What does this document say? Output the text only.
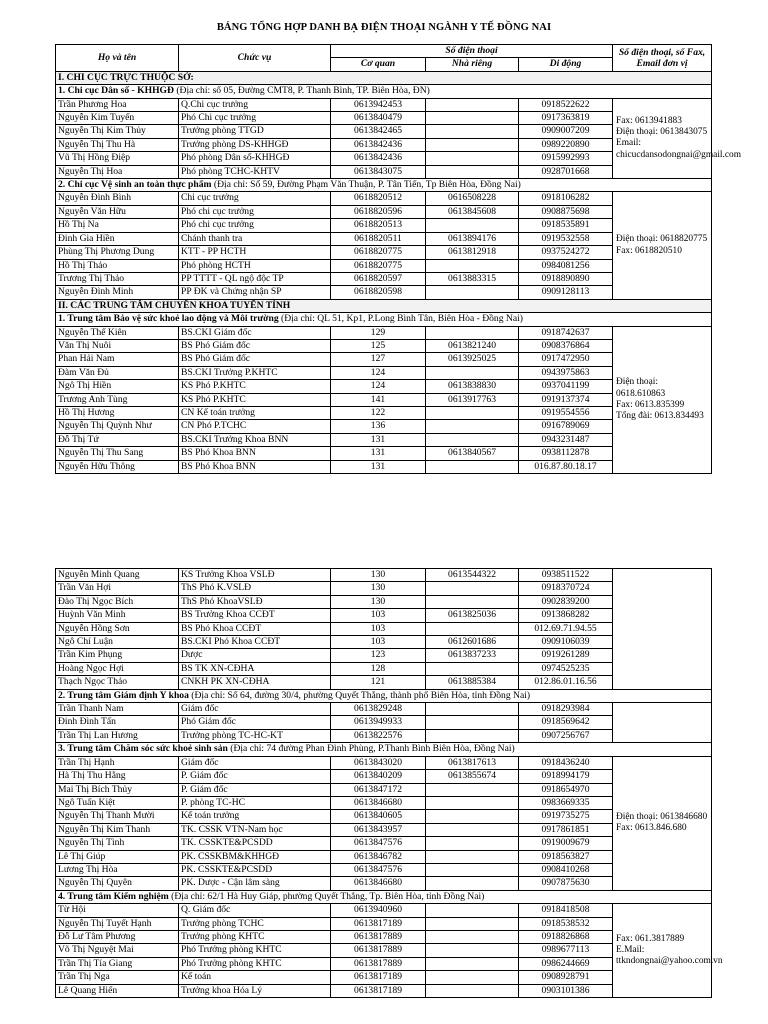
BẢNG TỔNG HỢP DANH BẠ ĐIỆN THOẠI NGÀNH Y TẾ ĐỒNG NAI
Họ và tên	Chức vụ	Số điện thoại			Số điện thoại, số Fax, Email đơn vị
		Cơ quan	Nhà riêng	Di động	
I. CHI CỤC TRỰC THUỘC SỞ:					
1. Chi cục Dân số - KHHGĐ (Địa chỉ: số 05, Đường CMT8, P. Thanh Bình, TP. Biên Hòa, ĐN)					
Trần Phương Hoa	Q.Chi cục trưởng	0613942453		0918522622	Fax: 0613941883
Điện thoại: 0613843075
Email: chicucdansodongnai@gmail.com
Nguyễn Kim Tuyến	Phó Chi cục trưởng	0613840479		0917363819	
Nguyễn Thị Kim Thủy	Trưởng phòng TTGD	0613842465		0909007209	
Nguyễn Thị Thu Hà	Trưởng phòng DS-KHHGĐ	0613842436		0989220890	
Vũ Thị Hồng Điệp	Phó phòng Dân số-KHHGĐ	0613842436		0915992993	
Nguyễn Thị Hoa	Phó phòng TCHC-KHTV	0613843075		0928701668	
2. Chi cục Vệ sinh an toàn thực phẩm (Địa chỉ: Số 59, Đường Phạm Văn Thuận, P. Tân Tiến, Tp Biên Hòa, Đồng Nai)					
Nguyễn Đình Bình	Chi cục trưởng	0618820512	0616508228	0918106282	Điện thoại: 0618820775
Fax: 0618820510
Nguyễn Văn Hữu	Phó chi cục trưởng	0618820596	0613845608	0908875698	
Hồ Thị Na	Phó chi cục trưởng	0618820513		0918535891	
Đinh Gia Hiền	Chánh thanh tra	0618820511	0613894176	0919532558	
Phùng Thị Phương Dung	KTT - PP HCTH	0618820775	0613812918	0937524272	
Hồ Thị Thảo	Phó phòng HCTH	0618820775		0984081256	
Trương Thị Thảo	PP TTTT - QL ngộ độc TP	0618820597	0613883315	0918890890	
Nguyễn Đình Minh	PP ĐK và Chứng nhận SP	0618820598		0909128113	
II. CÁC TRUNG TÂM CHUYÊN KHOA TUYẾN TỈNH					
1. Trung tâm Bảo vệ sức khoẻ lao động và Môi trường (Địa chỉ: QL 51, Kp1, P.Long Bình Tân, Biên Hòa - Đồng Nai)					
Nguyễn Thế Kiên	BS.CKI Giám đốc	129		0918742637	Điện thoại: 0618.610863
Fax: 0613.835399
Tổng đài: 0613.834493
Văn Thị Nuôi	BS Phó Giám đốc	125	0613821240	0908376864	
Phan Hải Nam	BS Phó Giám đốc	127	0613925025	0917472950	
Đàm Văn Đủ	BS.CKI Trưởng P.KHTC	124		0943975863	
Ngô Thị Hiền	KS Phó P.KHTC	124	0613838830	0937041199	
Trương Anh Tùng	KS Phó P.KHTC	141	0613917763	0919137374	
Hồ Thị Hương	CN Kế toán trưởng	122		0919554556	
Nguyễn Thị Quỳnh Như	CN Phó P.TCHC	136		0916789069	
Đỗ Thị Tứ	BS.CKI Trưởng Khoa BNN	131		0943231487	
Nguyễn Thị Thu Sang	BS Phó Khoa BNN	131	0613840567	0938112878	
Nguyễn Hữu Thông	BS Phó Khoa BNN	131		016.87.80.18.17	
Nguyễn Minh Quang	KS Trưởng Khoa VSLĐ	130	0613544322	0938511522	
Trần Văn Hợi	ThS Phó K.VSLĐ	130		0918370724	
Đào Thị Ngọc Bích	ThS Phó KhoaVSLĐ	130		0902839200	
Huỳnh Văn Minh	BS Trưởng Khoa CCĐT	103	0613825036	0913868282	
Nguyễn Hồng Sơn	BS Phó Khoa CCĐT	103		012.69.71.94.55	
Ngô Chí Luận	BS.CKI Phó Khoa CCĐT	103	0612601686	0909106039	
Trần Kim Phụng	Dược	123	0613837233	0919261289	
Hoàng Ngọc Hợi	BS TK XN-CĐHA	128		0974525235	
Thạch Ngọc Thảo	CNKH PK XN-CĐHA	121	0613885384	012.86.01.16.56	
2. Trung tâm Giám định Y khoa (Địa chỉ: Số 64, đường 30/4, phường Quyết Thắng, thành phố Biên Hòa, tỉnh Đồng Nai)					
Trần Thanh Nam	Giám đốc	0613829248		0918293984	
Đinh Đình Tấn	Phó Giám đốc	0613949933		0918569642	
Trần Thị Lan Hương	Trưởng phòng TC-HC-KT	0613822576		0907256767	
3. Trung tâm Chăm sóc sức khoẻ sinh sản (Địa chỉ: 74 đường Phan Đình Phùng, P.Thanh Bình Biên Hòa, Đồng Nai)					
Trần Thị Hạnh	Giám đốc	0613843020	0613817613	0918436240	Điện thoại: 0613846680
Fax: 0613.846.680
Hà Thị Thu Hằng	P. Giám đốc	0613840209	0613855674	0918994179	
Mai Thị Bích Thủy	P. Giám đốc	0613847172		0918654970	
Ngô Tuấn Kiệt	P. phòng TC-HC	0613846680		0983669335	
Nguyễn Thị Thanh Mười	Kế toán trưởng	0613840605		0919735275	
Nguyễn Thị Kim Thanh	TK. CSSK VTN-Nam học	0613843957		0917861851	
Nguyễn Thị Tình	TK. CSSKTE&PCSDD	0613847576		0919009679	
Lê Thị Giúp	PK. CSSKBM&KHHGĐ	0613846782		0918563827	
Lương Thị Hòa	PK. CSSKTE&PCSDD	0613847576		0908410268	
Nguyễn Thị Quyên	PK. Dược - Cận lâm sàng	0613846680		0907875630	
4. Trung tâm Kiểm nghiệm (Địa chỉ: 62/1 Hà Huy Giáp, phường Quyết Thắng, Tp. Biên Hòa, tỉnh Đồng Nai)					
Từ Hội	Q. Giám đốc	0613940960		0918418508	Fax: 061.3817889
E.Mail: ttkndongnai@yahoo.com.vn
Nguyễn Thị Tuyết Hạnh	Trưởng phòng TCHC	0613817189		0918538532	
Đỗ Lư Tâm Phương	Trưởng phòng KHTC	0613817889		0918826868	
Võ Thị Nguyệt Mai	Phó Trưởng phòng KHTC	0613817889		0989677113	
Trần Thị Tía Giang	Phó Trưởng phòng KHTC	0613817889		0986244669	
Trần Thị Nga	Kế toán	0613817189		0908928791	
Lê Quang Hiển	Trưởng khoa Hóa Lý	0613817189		0903101386	
